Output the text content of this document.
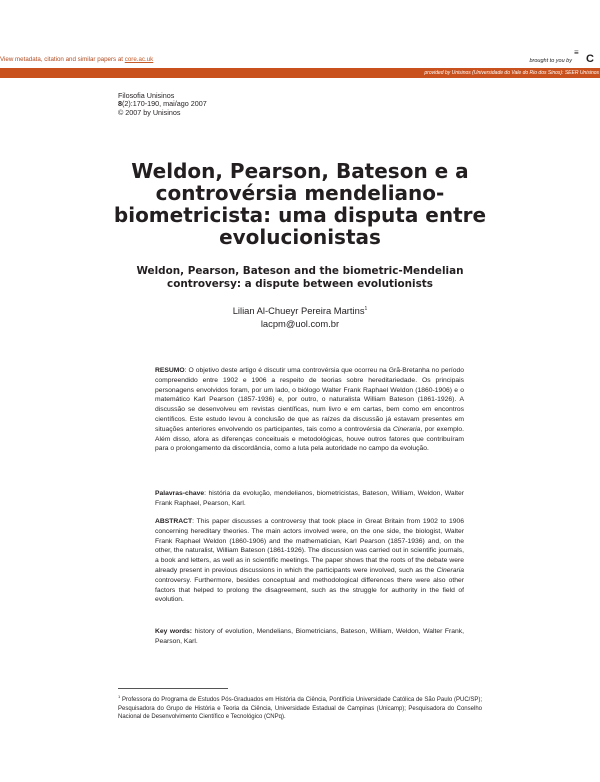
View metadata, citation and similar papers at core.ac.uk	brought to you by
≡
C
provided by Unisinos (Universidade do Vale do Rio dos Sinos): SEER Unisinos
Filosofia Unisinos
8(2):170-190, mai/ago 2007
© 2007 by Unisinos
Weldon, Pearson, Bateson e a controvérsia mendeliano-biometricista: uma disputa entre evolucionistas
Weldon, Pearson, Bateson and the biometric-Mendelian controversy: a dispute between evolutionists
Lilian Al-Chueyr Pereira Martins$^1$
lacpm@uol.com.br
RESUMO: O objetivo deste artigo é discutir uma controvérsia que ocorreu na Grã-Bretanha no período compreendido entre 1902 e 1906 a respeito de teorias sobre hereditariedade. Os principais personagens envolvidos foram, por um lado, o biólogo Walter Frank Raphael Weldon (1860-1906) e o matemático Karl Pearson (1857-1936) e, por outro, o naturalista William Bateson (1861-1926). A discussão se desenvolveu em revistas científicas, num livro e em cartas, bem como em encontros científicos. Este estudo levou à conclusão de que as raízes da discussão já estavam presentes em situações anteriores envolvendo os participantes, tais como a controvérsia da Cineraria, por exemplo. Além disso, afora as diferenças conceituais e metodológicas, houve outros fatores que contribuíram para o prolongamento da discordância, como a luta pela autoridade no campo da evolução.
Palavras-chave: história da evolução, mendelianos, biometricistas, Bateson, William, Weldon, Walter Frank Raphael, Pearson, Karl.
ABSTRACT: This paper discusses a controversy that took place in Great Britain from 1902 to 1906 concerning hereditary theories. The main actors involved were, on the one side, the biologist, Walter Frank Raphael Weldon (1860-1906) and the mathematician, Karl Pearson (1857-1936) and, on the other, the naturalist, William Bateson (1861-1926). The discussion was carried out in scientific journals, a book and letters, as well as in scientific meetings. The paper shows that the roots of the debate were already present in previous discussions in which the participants were involved, such as the Cineraria controversy. Furthermore, besides conceptual and methodological differences there were also other factors that helped to prolong the disagreement, such as the struggle for authority in the field of evolution.
Key words: history of evolution, Mendelians, Biometricians, Bateson, William, Weldon, Walter Frank, Pearson, Karl.
$^1$ Professora do Programa de Estudos Pós-Graduados em História da Ciência, Pontifícia Universidade Católica de São Paulo (PUC/SP); Pesquisadora do Grupo de História e Teoria da Ciência, Universidade Estadual de Campinas (Unicamp); Pesquisadora do Conselho Nacional de Desenvolvimento Científico e Tecnológico (CNPq).
